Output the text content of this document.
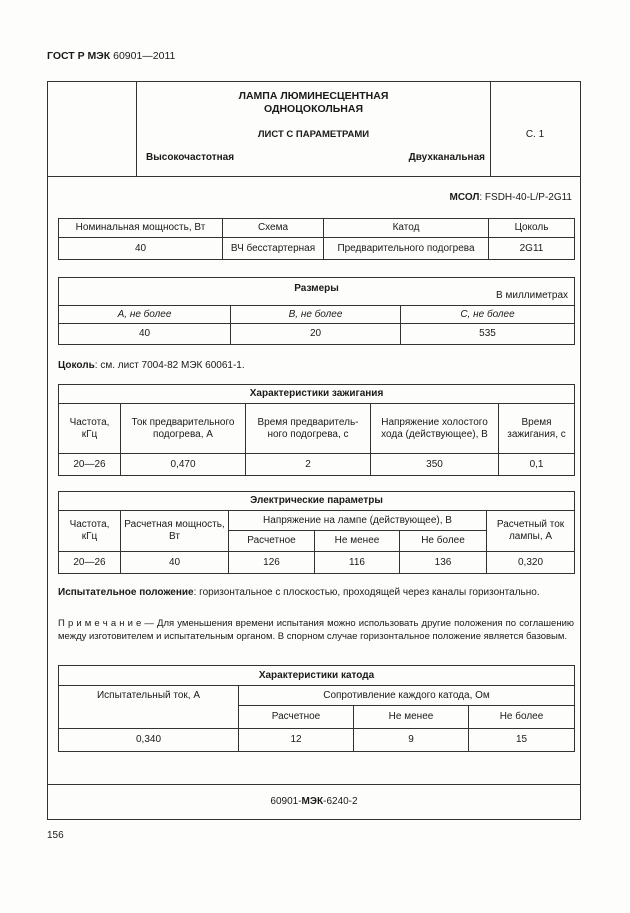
ГОСТ Р МЭК 60901—2011
ЛАМПА ЛЮМИНЕСЦЕНТНАЯ
ОДНОЦОКОЛЬНАЯ
ЛИСТ С ПАРАМЕТРАМИ	С. 1
Высокочастотная	Двухканальная
МСОЛ: FSDH-40-L/P-2G11
Номинальная мощность, Вт	Схема	Катод	Цоколь
40	ВЧ бесстартерная	Предварительного подогрева	2G11
Размеры
В миллиметрах		

A, не более	B, не более	C, не более
40	20	535
Цоколь: см. лист 7004-82 МЭК 60061-1.
Характеристики зажигания				
Частота, кГц	Ток предварительного подогрева, А	Время предваритель-ного подогрева, с	Напряжение холостого хода (действующее), В	Время зажигания, с
20—26	0,470	2	350	0,1
Электрические параметры					
Частота, кГц	Расчетная мощность, Вт	Напряжение на лампе (действующее), В			Расчетный ток лампы, А
		Расчетное	Не менее	Не более	
20—26	40	126	116	136	0,320
Испытательное положение: горизонтальное с плоскостью, проходящей через каналы горизонтально.
П р и м е ч а н и е — Для уменьшения времени испытания можно использовать другие положения по соглашению между изготовителем и испытательным органом. В спорном случае горизонтальное положение является базовым.
Характеристики катода			
Испытательный ток, А	Сопротивление каждого катода, Ом		
	Расчетное	Не менее	Не более
0,340	12	9	15
60901-МЭК-6240-2
156
